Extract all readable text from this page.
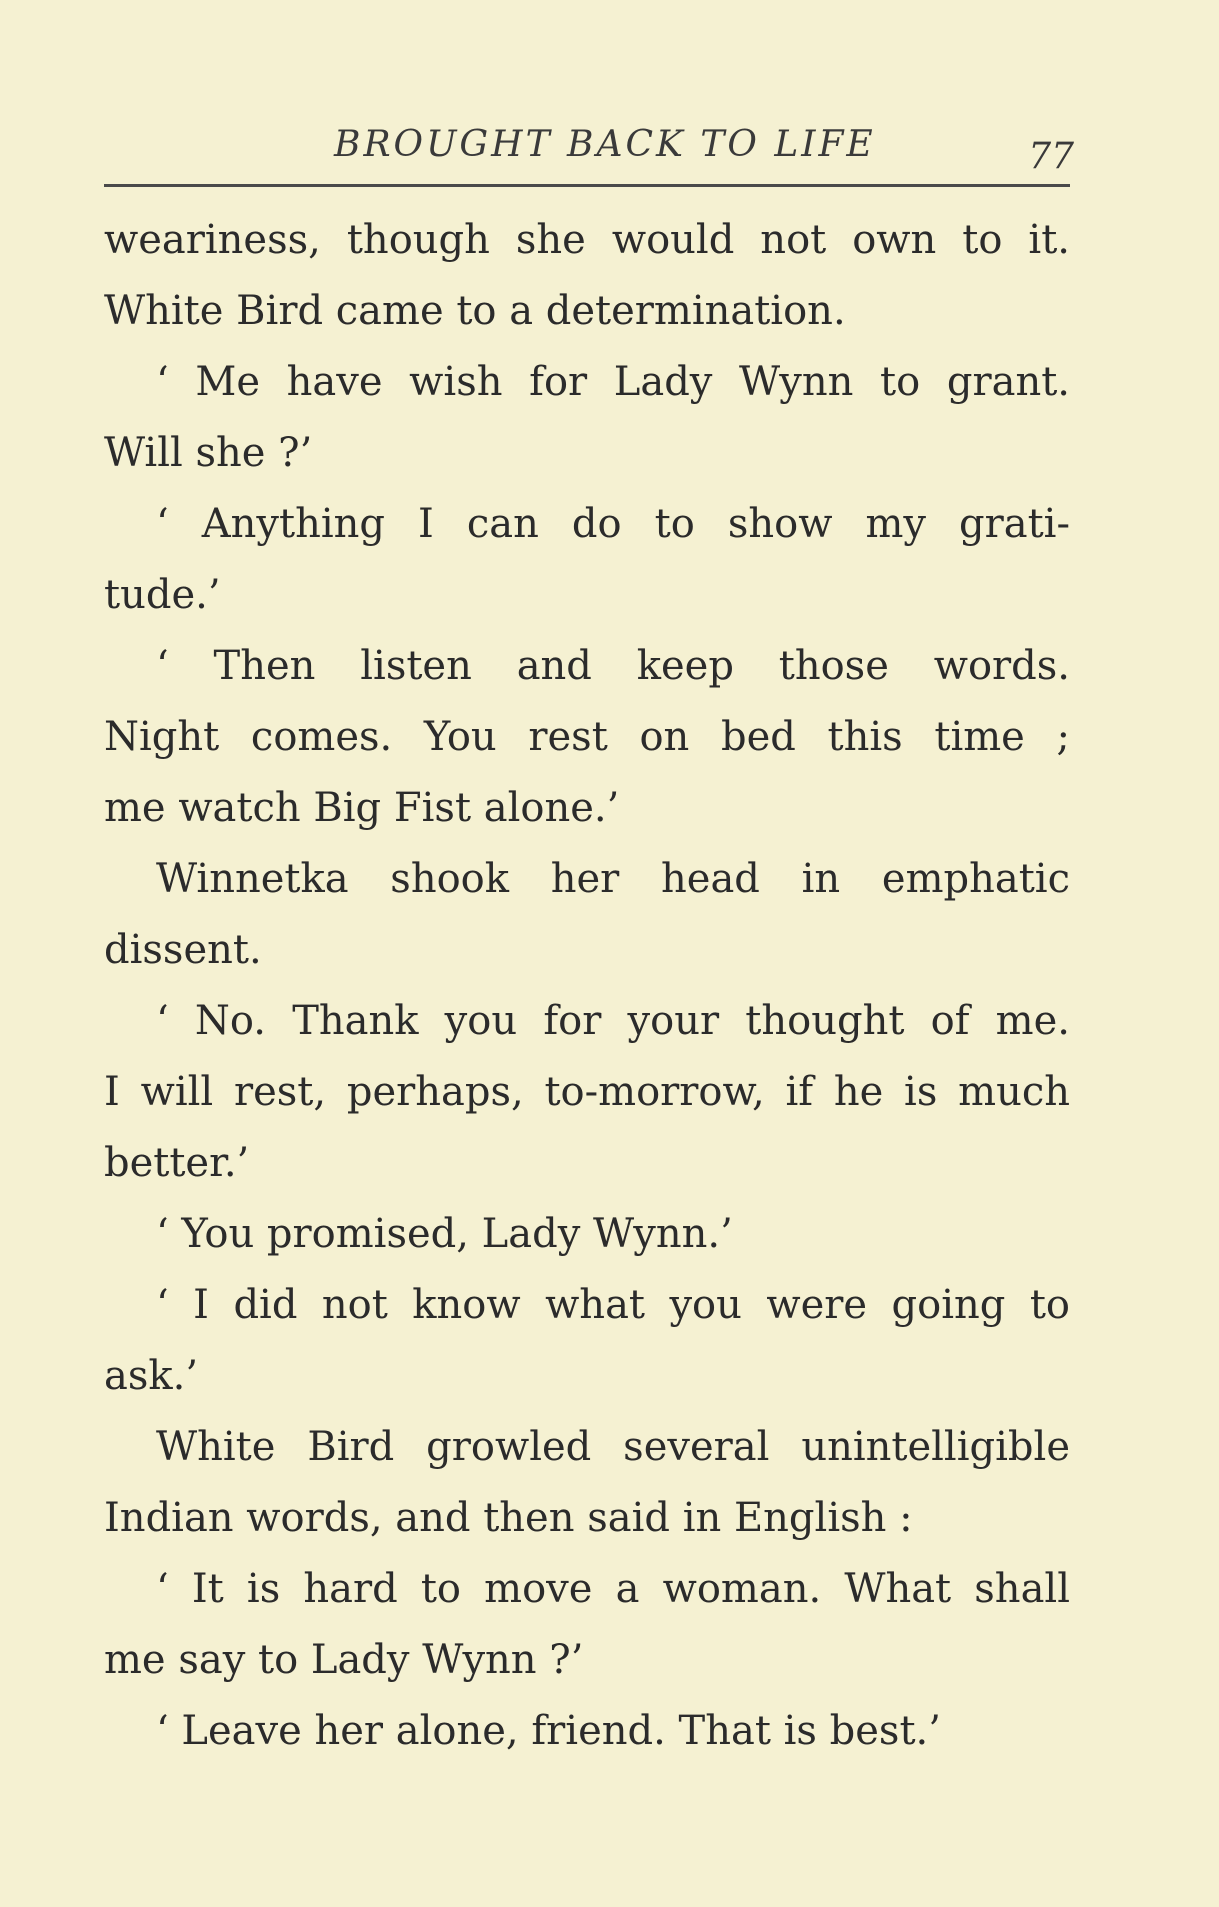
BROUGHT BACK TO LIFE	77
weariness, though she would not own to it.
White Bird came to a determination.
‘ Me have wish for Lady Wynn to grant.
Will she ?’
‘ Anything I can do to show my grati-
tude.’
‘ Then listen and keep those words.
Night comes. You rest on bed this time ;
me watch Big Fist alone.’
Winnetka shook her head in emphatic
dissent.
‘ No. Thank you for your thought of me.
I will rest, perhaps, to-morrow, if he is much
better.’
‘ You promised, Lady Wynn.’
‘ I did not know what you were going to
ask.’
White Bird growled several unintelligible
Indian words, and then said in English :
‘ It is hard to move a woman. What shall
me say to Lady Wynn ?’
‘ Leave her alone, friend. That is best.’
